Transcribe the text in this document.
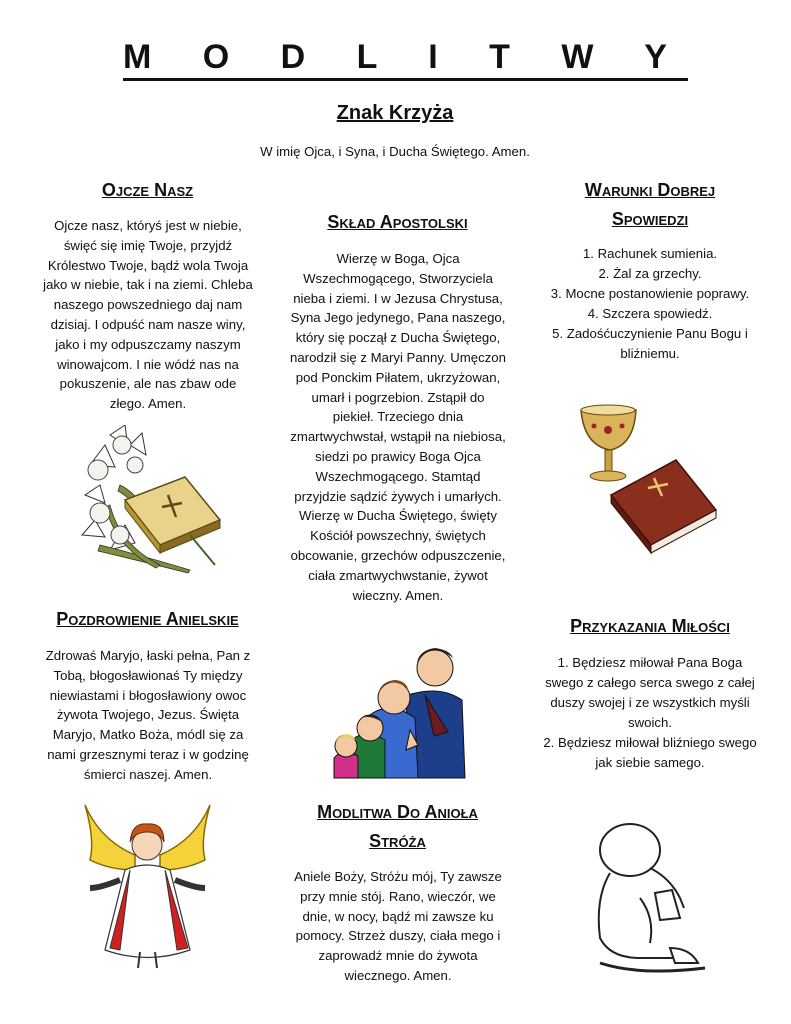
M O D L I T W Y
Znak Krzyża
W imię Ojca, i Syna, i Ducha Świętego. Amen.
Ojcze Nasz
Ojcze nasz, któryś jest w niebie, święć się imię Twoje, przyjdź Królestwo Twoje, bądź wola Twoja jako w niebie, tak i na ziemi. Chleba naszego powszedniego daj nam dzisiaj. I odpuść nam nasze winy, jako i my odpuszczamy naszym winowajcom. I nie wódź nas na pokuszenie, ale nas zbaw ode złego. Amen.
Skład Apostolski
Wierzę w Boga, Ojca Wszechmogącego, Stworzyciela nieba i ziemi. I w Jezusa Chrystusa, Syna Jego jedynego, Pana naszego, który się począł z Ducha Świętego, narodził się z Maryi Panny. Umęczon pod Ponckim Piłatem, ukrzyżowan, umarł i pogrzebion. Zstąpił do piekieł. Trzeciego dnia zmartwychwstał, wstąpił na niebiosa, siedzi po prawicy Boga Ojca Wszechmogącego. Stamtąd przyjdzie sądzić żywych i umarłych. Wierzę w Ducha Świętego, święty Kościół powszechny, świętych obcowanie, grzechów odpuszczenie, ciała zmartwychwstanie, żywot wieczny. Amen.
Warunki Dobrej
Spowiedzi
1. Rachunek sumienia.
2. Żal za grzechy.
3. Mocne postanowienie poprawy.
4. Szczera spowiedź.
5. Zadośćuczynienie Panu Bogu i bliźniemu.
Pozdrowienie Anielskie
Zdrowaś Maryjo, łaski pełna, Pan z Tobą, błogosławionaś Ty między niewiastami i błogosławiony owoc żywota Twojego, Jezus. Święta Maryjo, Matko Boża, módl się za nami grzesznymi teraz i w godzinę śmierci naszej. Amen.
Przykazania Miłości
1. Będziesz miłował Pana Boga swego z całego serca swego z całej duszy swojej i ze wszystkich myśli swoich.
2. Będziesz miłował bliźniego swego jak siebie samego.
Modlitwa Do Anioła
Stróża
Aniele Boży, Stróżu mój, Ty zawsze przy mnie stój. Rano, wieczór, we dnie, w nocy, bądź mi zawsze ku pomocy. Strzeż duszy, ciała mego i zaprowadź mnie do żywota wiecznego. Amen.
